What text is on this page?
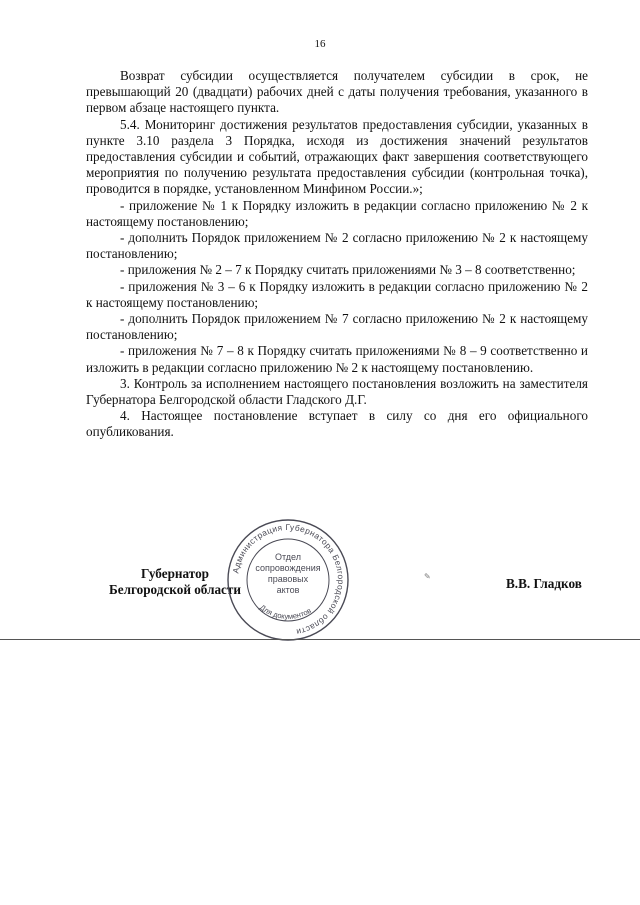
16

Возврат субсидии осуществляется получателем субсидии в срок, не превышающий 20 (двадцати) рабочих дней с даты получения требования, указанного в первом абзаце настоящего пункта.

5.4. Мониторинг достижения результатов предоставления субсидии, указанных в пункте 3.10 раздела 3 Порядка, исходя из достижения значений результатов предоставления субсидии и событий, отражающих факт завершения соответствующего мероприятия по получению результата предоставления субсидии (контрольная точка), проводится в порядке, установленном Минфином России.»;

- приложение № 1 к Порядку изложить в редакции согласно приложению № 2 к настоящему постановлению;

- дополнить Порядок приложением № 2 согласно приложению № 2 к настоящему постановлению;

- приложения № 2 – 7 к Порядку считать приложениями № 3 – 8 соответственно;

- приложения № 3 – 6 к Порядку изложить в редакции согласно приложению № 2 к настоящему постановлению;

- дополнить Порядок приложением № 7 согласно приложению № 2 к настоящему постановлению;

- приложения № 7 – 8 к Порядку считать приложениями № 8 – 9 соответственно и изложить в редакции согласно приложению № 2 к настоящему постановлению.

3. Контроль за исполнением настоящего постановления возложить на заместителя Губернатора Белгородской области Гладского Д.Г.

4. Настоящее постановление вступает в силу со дня его официального опубликования.

Губернатор
Белгородской области
Администрация Губернатора Белгородской области
Для документов
Отдел
сопровождения
правовых
актов
✎	В.В. Гладков
